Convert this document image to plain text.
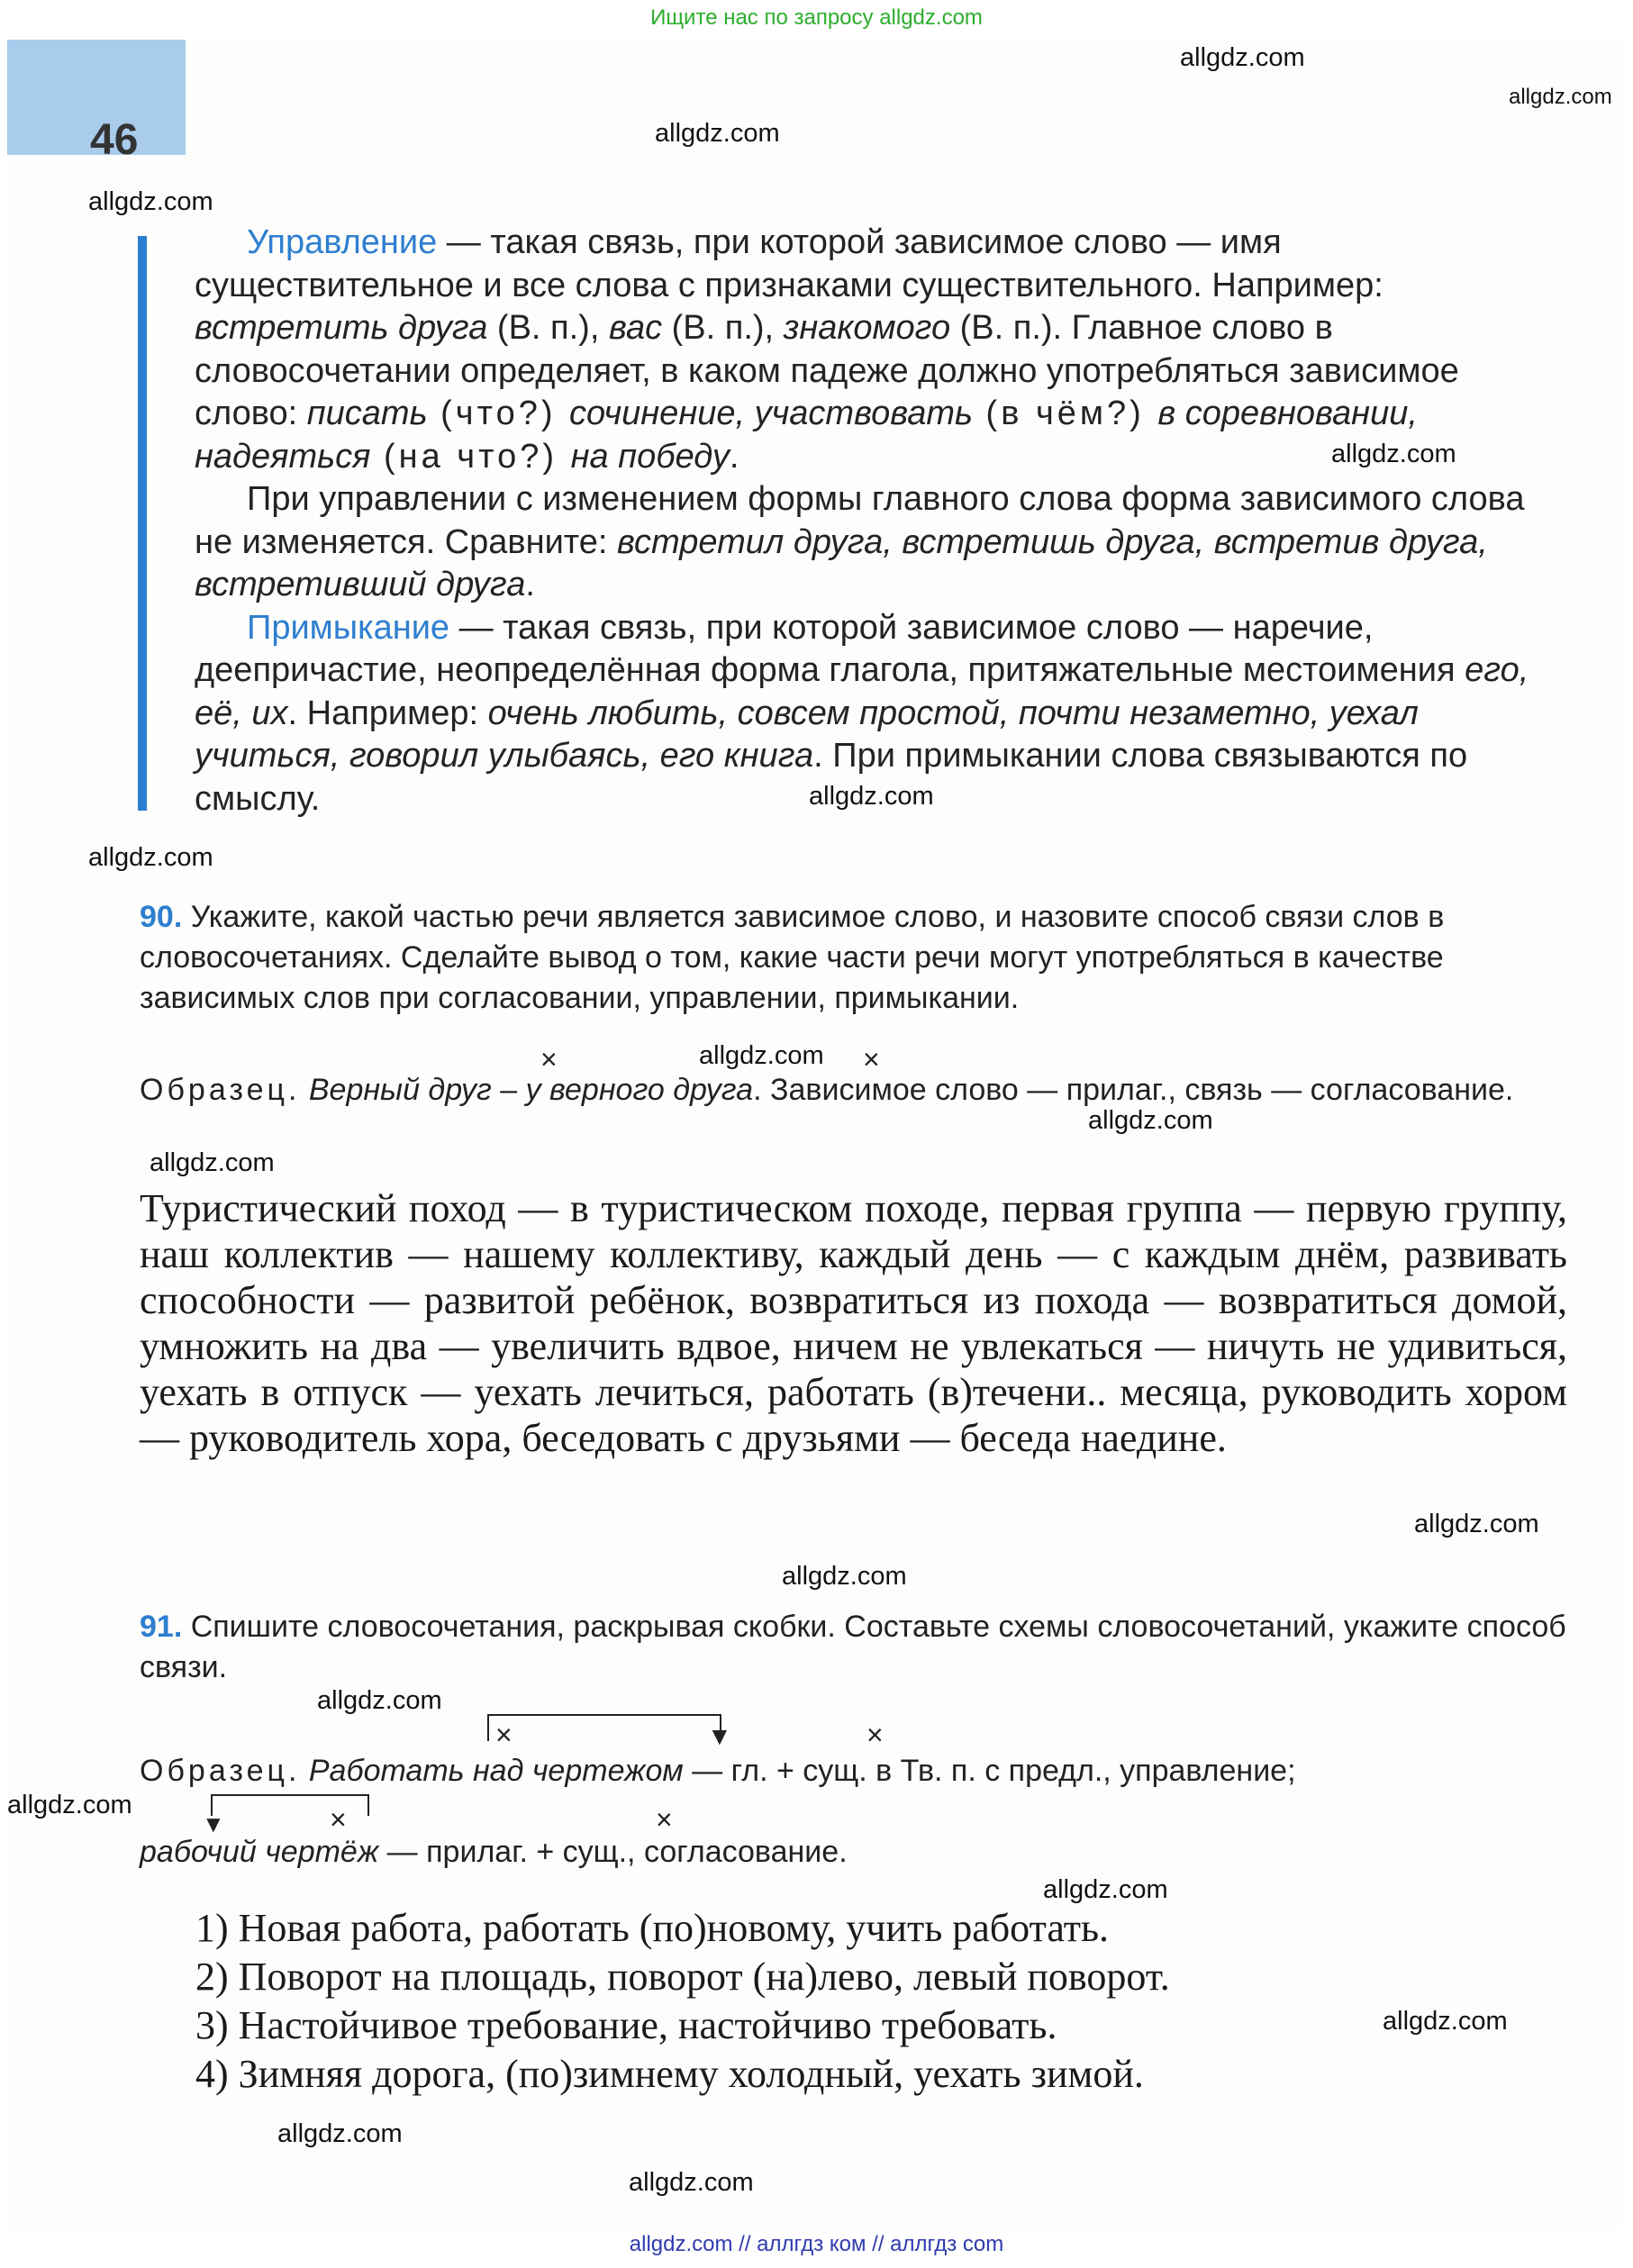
Ищите нас по запросу allgdz.com
46
allgdz.com
allgdz.com
allgdz.com
allgdz.com
allgdz.com
allgdz.com
allgdz.com
allgdz.com
allgdz.com
allgdz.com
allgdz.com
allgdz.com
allgdz.com
allgdz.com
allgdz.com
allgdz.com
allgdz.com
allgdz.com

Управление — такая связь, при которой зависимое слово — имя существительное и все слова с признаками существительного. Например: встретить друга (В. п.), вас (В. п.), знакомого (В. п.). Главное слово в словосочетании определяет, в каком падеже должно употребляться зависимое слово: писать (что?) сочинение, участвовать (в чём?) в соревновании, надеяться (на что?) на победу.

При управлении с изменением формы главного слова форма зависимого слова не изменяется. Сравните: встретил друга, встретишь друга, встретив друга, встретивший друга.

Примыкание — такая связь, при которой зависимое слово — наречие, деепричастие, неопределённая форма глагола, притяжательные местоимения его, её, их. Например: очень любить, совсем простой, почти незаметно, уехал учиться, говорил улыбаясь, его книга. При примыкании слова связываются по смыслу.

90. Укажите, какой частью речи является зависимое слово, и назовите способ связи слов в словосочетаниях. Сделайте вывод о том, какие части речи могут употребляться в качестве зависимых слов при согласовании, управлении, примыкании.
×	×
Образец. Верный друг – у верного друга. Зависимое слово — прилаг., связь — согласование.
Туристический поход — в туристическом походе, первая группа — первую группу, наш коллектив — нашему коллективу, каждый день — с каждым днём, развивать способности — развитой ребёнок, возвратиться из похода — возвратиться домой, умножить на два — увеличить вдвое, ничем не увлекаться — ничуть не удивиться, уехать в отпуск — уехать лечиться, работать (в)течени.. месяца, руководить хором — руководитель хора, беседовать с друзьями — беседа наедине.
91. Спишите словосочетания, раскрывая скобки. Составьте схемы словосочетаний, укажите способ связи.
▼
×	×
Образец. Работать над чертежом — гл. + сущ. в Тв. п. с предл., управление;
▼	×	×
рабочий чертёж — прилаг. + сущ., согласование.
1) Новая работа, работать (по)новому, учить работать.
2) Поворот на площадь, поворот (на)лево, левый поворот.
3) Настойчивое требование, настойчиво требовать.
4) Зимняя дорога, (по)зимнему холодный, уехать зимой.
allgdz.com // аллгдз ком // аллгдз com
